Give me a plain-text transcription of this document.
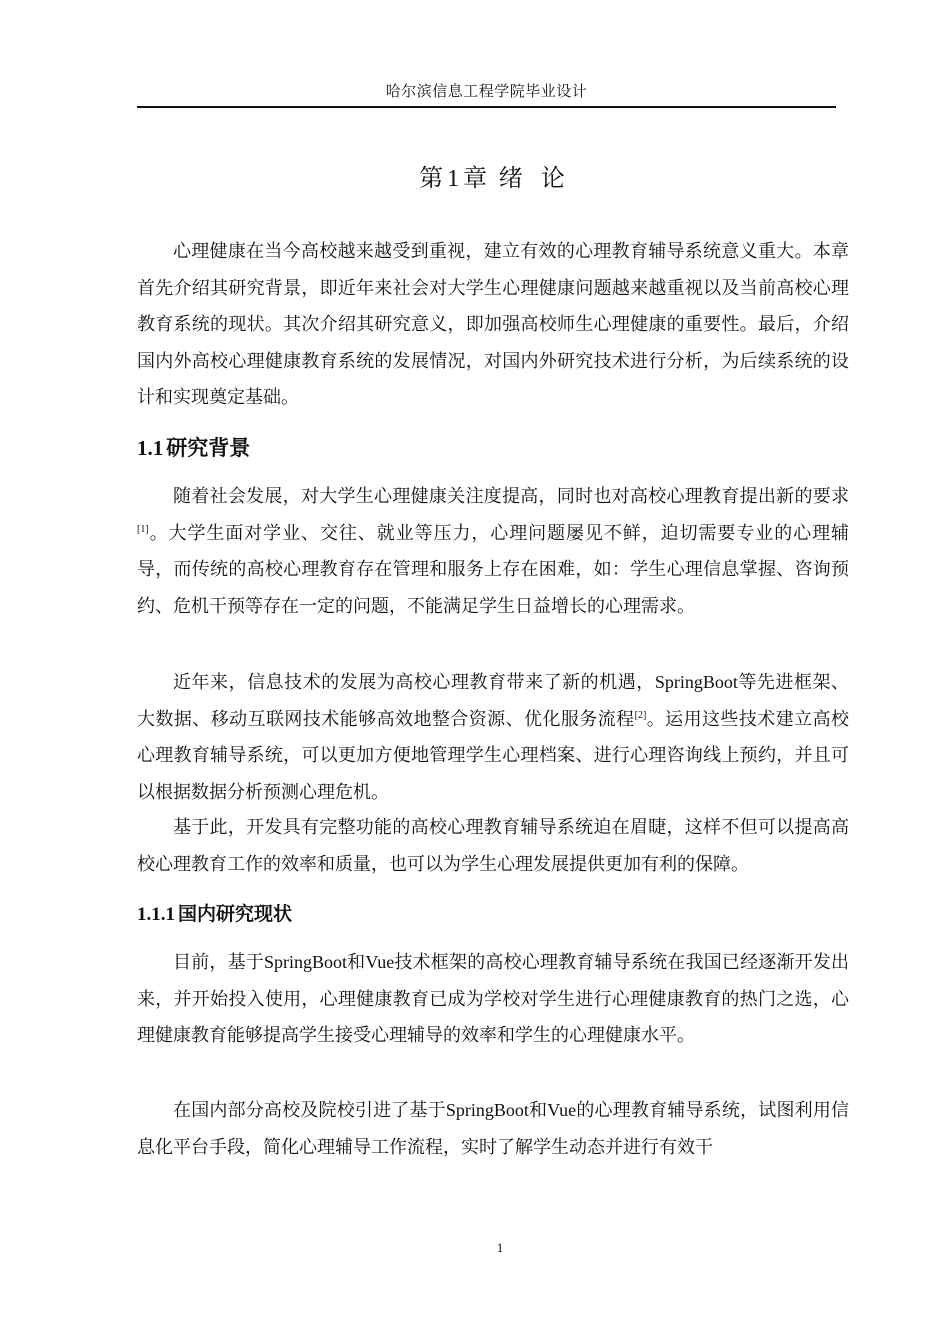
哈尔滨信息工程学院毕业设计
第1章 绪 论

心理健康在当今高校越来越受到重视，建立有效的心理教育辅导系统意义重大。本章首先介绍其研究背景，即近年来社会对大学生心理健康问题越来越重视以及当前高校心理教育系统的现状。其次介绍其研究意义，即加强高校师生心理健康的重要性。最后，介绍国内外高校心理健康教育系统的发展情况，对国内外研究技术进行分析，为后续系统的设计和实现奠定基础。

1.1 研究背景

随着社会发展，对大学生心理健康关注度提高，同时也对高校心理教育提出新的要求[1]。大学生面对学业、交往、就业等压力，心理问题屡见不鲜，迫切需要专业的心理辅导，而传统的高校心理教育存在管理和服务上存在困难，如：学生心理信息掌握、咨询预约、危机干预等存在一定的问题，不能满足学生日益增长的心理需求。

近年来，信息技术的发展为高校心理教育带来了新的机遇，SpringBoot等先进框架、大数据、移动互联网技术能够高效地整合资源、优化服务流程[2]。运用这些技术建立高校心理教育辅导系统，可以更加方便地管理学生心理档案、进行心理咨询线上预约，并且可以根据数据分析预测心理危机。

基于此，开发具有完整功能的高校心理教育辅导系统迫在眉睫，这样不但可以提高高校心理教育工作的效率和质量，也可以为学生心理发展提供更加有利的保障。

1.1.1 国内研究现状

目前，基于SpringBoot和Vue技术框架的高校心理教育辅导系统在我国已经逐渐开发出来，并开始投入使用，心理健康教育已成为学校对学生进行心理健康教育的热门之选，心理健康教育能够提高学生接受心理辅导的效率和学生的心理健康水平。

在国内部分高校及院校引进了基于SpringBoot和Vue的心理教育辅导系统，试图利用信息化平台手段，简化心理辅导工作流程，实时了解学生动态并进行有效干

1
